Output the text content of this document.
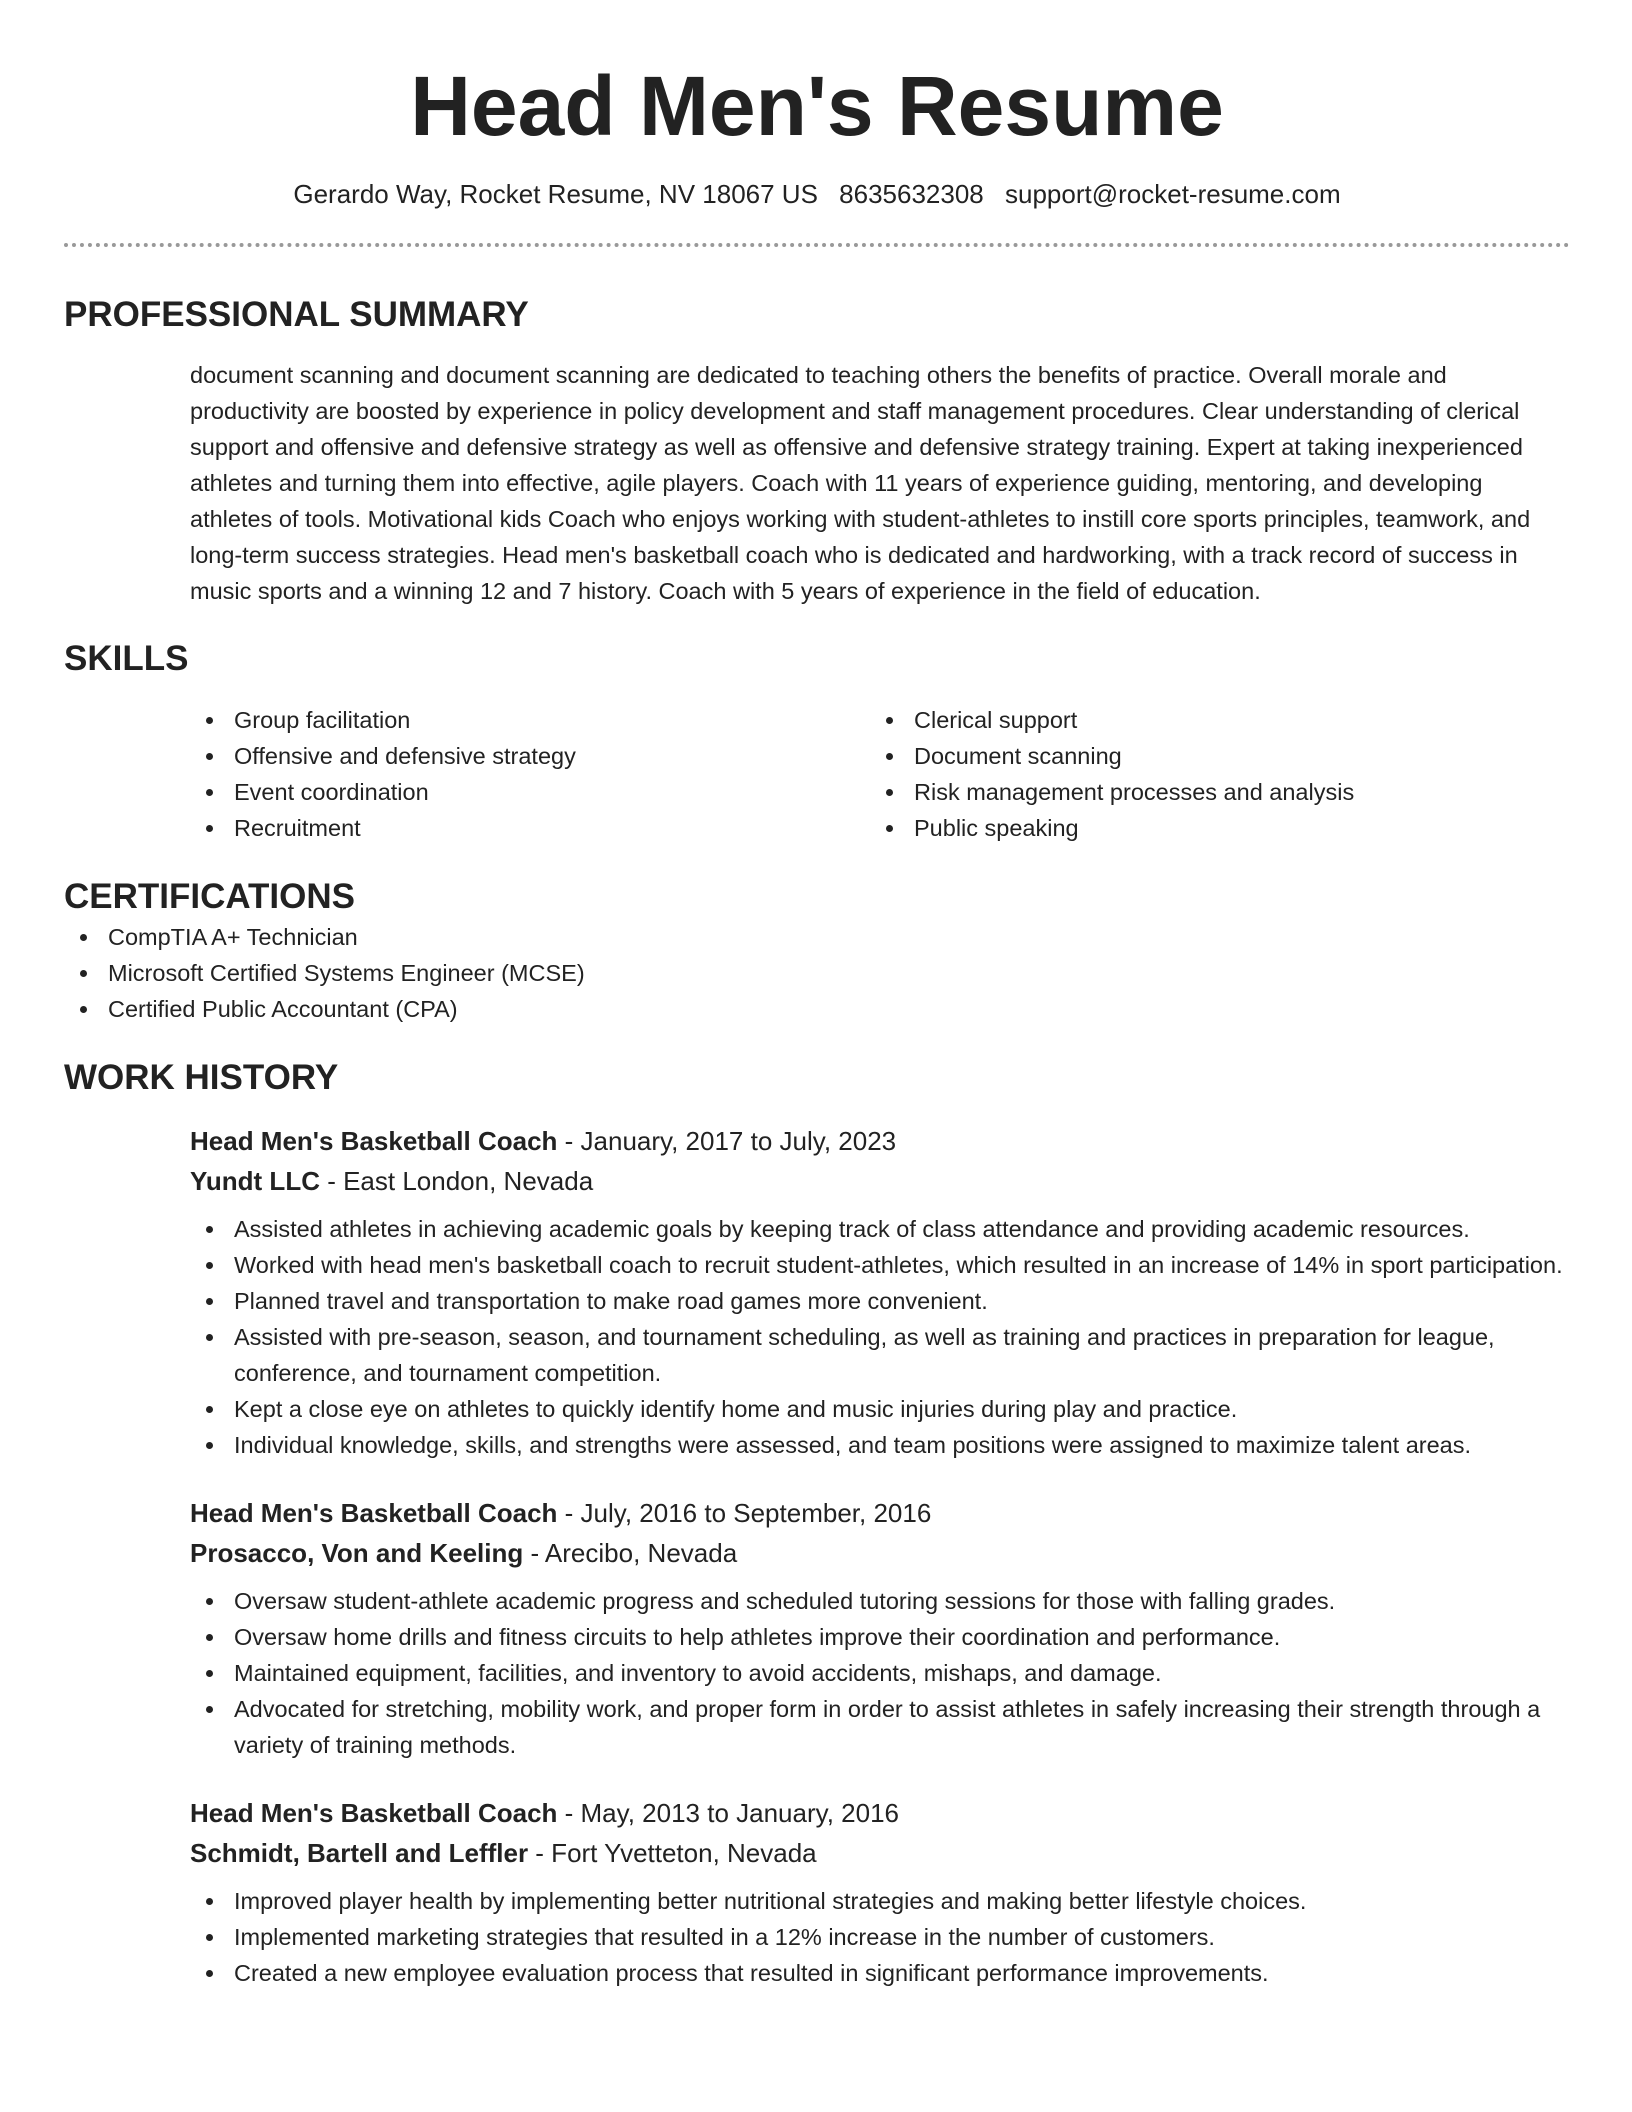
Head Men's Resume
Gerardo Way, Rocket Resume, NV 18067 US 8635632308 support@rocket-resume.com
PROFESSIONAL SUMMARY

document scanning and document scanning are dedicated to teaching others the benefits of practice. Overall morale and productivity are boosted by experience in policy development and staff management procedures. Clear understanding of clerical support and offensive and defensive strategy as well as offensive and defensive strategy training. Expert at taking inexperienced athletes and turning them into effective, agile players. Coach with 11 years of experience guiding, mentoring, and developing athletes of tools. Motivational kids Coach who enjoys working with student-athletes to instill core sports principles, teamwork, and long-term success strategies. Head men's basketball coach who is dedicated and hardworking, with a track record of success in music sports and a winning 12 and 7 history. Coach with 5 years of experience in the field of education.

SKILLS
Group facilitation
Offensive and defensive strategy
Event coordination
Recruitment
Clerical support
Document scanning
Risk management processes and analysis
Public speaking
CERTIFICATIONS
CompTIA A+ Technician
Microsoft Certified Systems Engineer (MCSE)
Certified Public Accountant (CPA)
WORK HISTORY
Head Men's Basketball Coach - January, 2017 to July, 2023
Yundt LLC - East London, Nevada
Assisted athletes in achieving academic goals by keeping track of class attendance and providing academic resources.
Worked with head men's basketball coach to recruit student-athletes, which resulted in an increase of 14% in sport participation.
Planned travel and transportation to make road games more convenient.
Assisted with pre-season, season, and tournament scheduling, as well as training and practices in preparation for league, conference, and tournament competition.
Kept a close eye on athletes to quickly identify home and music injuries during play and practice.
Individual knowledge, skills, and strengths were assessed, and team positions were assigned to maximize talent areas.
Head Men's Basketball Coach - July, 2016 to September, 2016
Prosacco, Von and Keeling - Arecibo, Nevada
Oversaw student-athlete academic progress and scheduled tutoring sessions for those with falling grades.
Oversaw home drills and fitness circuits to help athletes improve their coordination and performance.
Maintained equipment, facilities, and inventory to avoid accidents, mishaps, and damage.
Advocated for stretching, mobility work, and proper form in order to assist athletes in safely increasing their strength through a variety of training methods.
Head Men's Basketball Coach - May, 2013 to January, 2016
Schmidt, Bartell and Leffler - Fort Yvetteton, Nevada
Improved player health by implementing better nutritional strategies and making better lifestyle choices.
Implemented marketing strategies that resulted in a 12% increase in the number of customers.
Created a new employee evaluation process that resulted in significant performance improvements.
